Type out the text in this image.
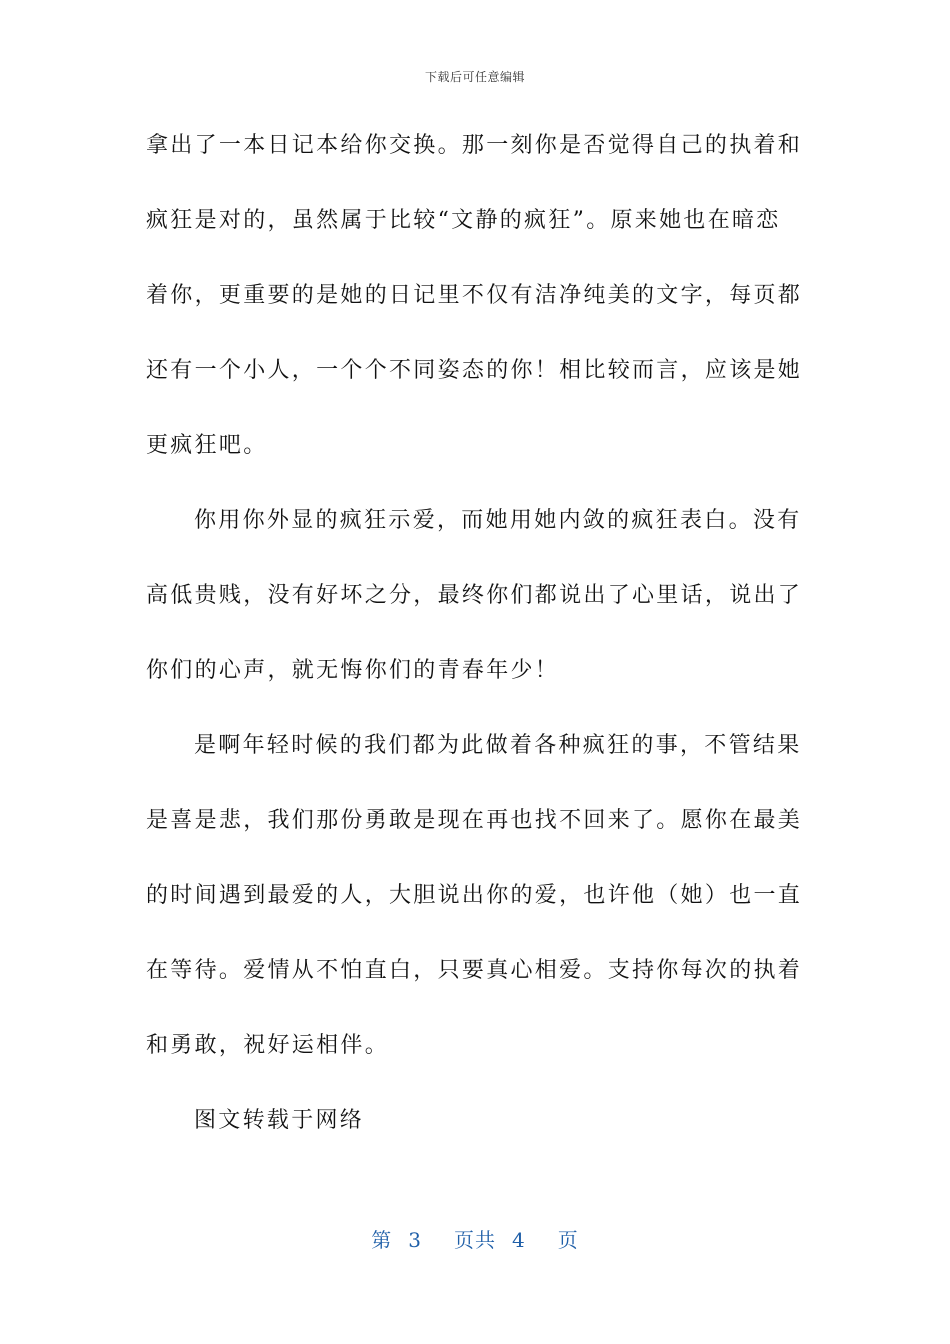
下载后可任意编辑
拿出了一本日记本给你交换。那一刻你是否觉得自己的执着和
疯狂是对的，虽然属于比较“文静的疯狂”。原来她也在暗恋
着你，更重要的是她的日记里不仅有洁净纯美的文字，每页都
还有一个小人，一个个不同姿态的你！相比较而言，应该是她
更疯狂吧。
你用你外显的疯狂示爱，而她用她内敛的疯狂表白。没有
高低贵贱，没有好坏之分，最终你们都说出了心里话，说出了
你们的心声，就无悔你们的青春年少！
是啊年轻时候的我们都为此做着各种疯狂的事，不管结果
是喜是悲，我们那份勇敢是现在再也找不回来了。愿你在最美
的时间遇到最爱的人，大胆说出你的爱，也许他（她）也一直
在等待。爱情从不怕直白，只要真心相爱。支持你每次的执着
和勇敢，祝好运相伴。
图文转载于网络
第 3 页共 4 页
